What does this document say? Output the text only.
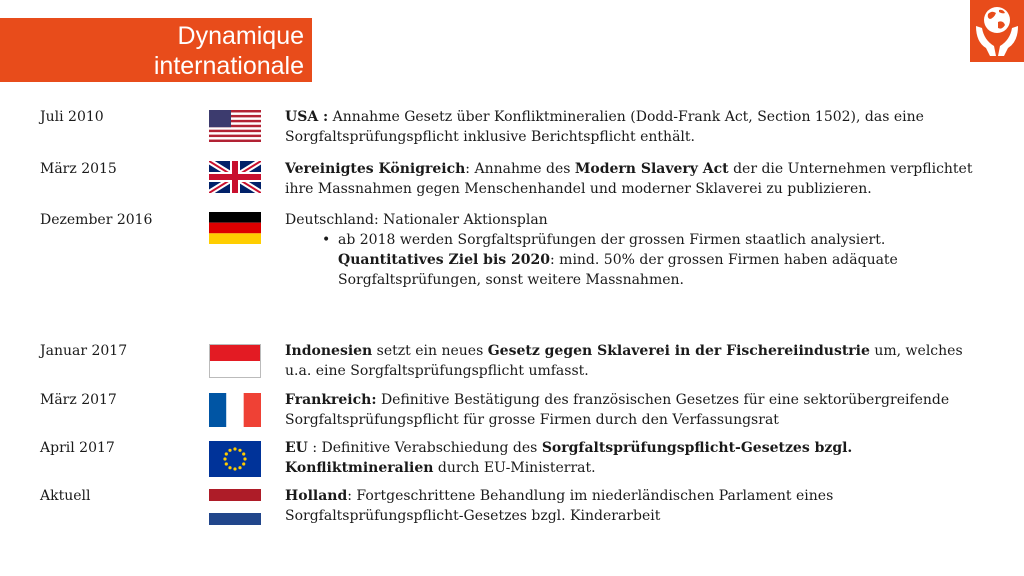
Dynamique
internationale
Juli 2010	USA : Annahme Gesetz über Konfliktmineralien (Dodd-Frank Act, Section 1502), das eine Sorgfaltsprüfungspflicht inklusive Berichtspflicht enthält.
März 2015	Vereinigtes Königreich: Annahme des Modern Slavery Act der die Unternehmen verpflichtet ihre Massnahmen gegen Menschenhandel und moderner Sklaverei zu publizieren.
Dezember 2016	Deutschland: Nationaler Aktionsplan
• ab 2018 werden Sorgfaltsprüfungen der grossen Firmen staatlich analysiert. Quantitatives Ziel bis 2020: mind. 50% der grossen Firmen haben adäquate Sorgfaltsprüfungen, sonst weitere Massnahmen.
Januar 2017	Indonesien setzt ein neues Gesetz gegen Sklaverei in der Fischereiindustrie um, welches u.a. eine Sorgfaltsprüfungspflicht umfasst.
März 2017	Frankreich: Definitive Bestätigung des französischen Gesetzes für eine sektorübergreifende Sorgfaltsprüfungspflicht für grosse Firmen durch den Verfassungsrat
April 2017	EU : Definitive Verabschiedung des Sorgfaltsprüfungspflicht-Gesetzes bzgl. Konfliktmineralien durch EU-Ministerrat.
Aktuell	Holland: Fortgeschrittene Behandlung im niederländischen Parlament eines Sorgfaltsprüfungspflicht-Gesetzes bzgl. Kinderarbeit
